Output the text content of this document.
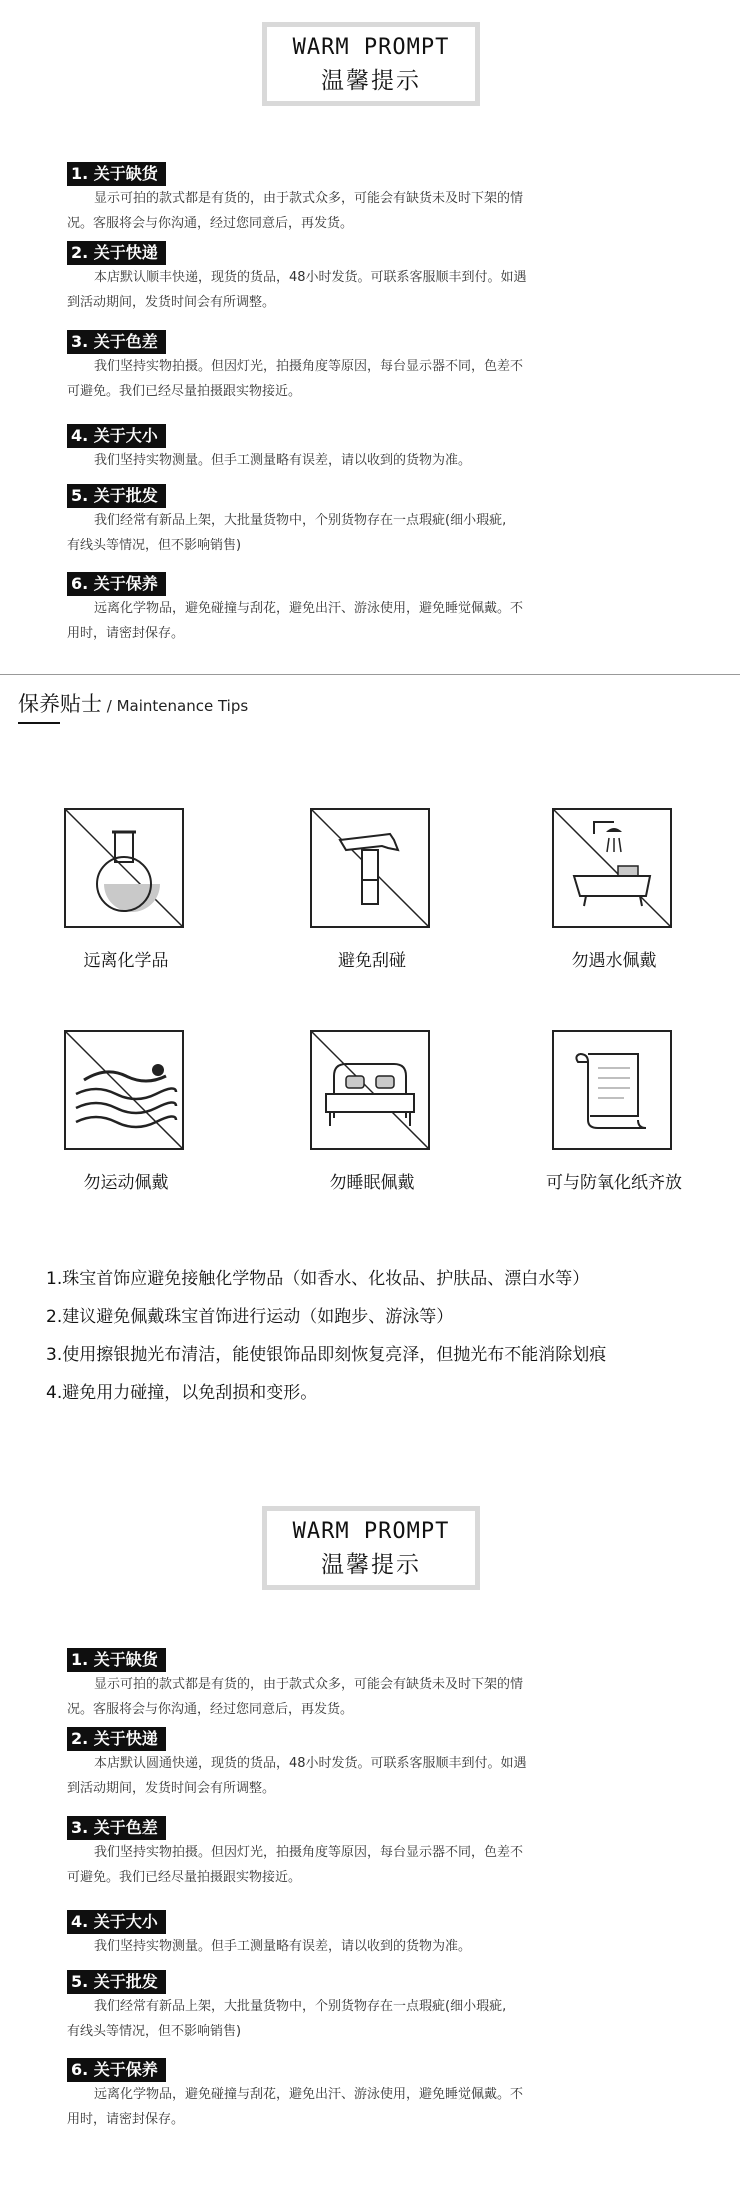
WARM PROMPT
温馨提示
1. 关于缺货

显示可拍的款式都是有货的，由于款式众多，可能会有缺货未及时下架的情

况。客服将会与你沟通，经过您同意后，再发货。

2. 关于快递

本店默认顺丰快递，现货的货品，48小时发货。可联系客服顺丰到付。如遇

到活动期间，发货时间会有所调整。

3. 关于色差

我们坚持实物拍摄。但因灯光，拍摄角度等原因，每台显示器不同，色差不

可避免。我们已经尽量拍摄跟实物接近。

4. 关于大小

我们坚持实物测量。但手工测量略有误差，请以收到的货物为准。

5. 关于批发

我们经常有新品上架，大批量货物中，个别货物存在一点瑕疵(细小瑕疵,

有线头等情况，但不影响销售)

6. 关于保养

远离化学物品，避免碰撞与刮花，避免出汗、游泳使用，避免睡觉佩戴。不

用时，请密封保存。

保养贴士 / Maintenance Tips
远离化学品	避免刮碰	勿遇水佩戴
勿运动佩戴	勿睡眠佩戴	可与防氧化纸齐放
1.珠宝首饰应避免接触化学物品（如香水、化妆品、护肤品、漂白水等）
2.建议避免佩戴珠宝首饰进行运动（如跑步、游泳等）
3.使用擦银抛光布清洁，能使银饰品即刻恢复亮泽，但抛光布不能消除划痕
4.避免用力碰撞，以免刮损和变形。
WARM PROMPT
温馨提示
1. 关于缺货

显示可拍的款式都是有货的，由于款式众多，可能会有缺货未及时下架的情

况。客服将会与你沟通，经过您同意后，再发货。

2. 关于快递

本店默认圆通快递，现货的货品，48小时发货。可联系客服顺丰到付。如遇

到活动期间，发货时间会有所调整。

3. 关于色差

我们坚持实物拍摄。但因灯光，拍摄角度等原因，每台显示器不同，色差不

可避免。我们已经尽量拍摄跟实物接近。

4. 关于大小

我们坚持实物测量。但手工测量略有误差，请以收到的货物为准。

5. 关于批发

我们经常有新品上架，大批量货物中，个别货物存在一点瑕疵(细小瑕疵,

有线头等情况，但不影响销售)

6. 关于保养

远离化学物品，避免碰撞与刮花，避免出汗、游泳使用，避免睡觉佩戴。不

用时，请密封保存。
